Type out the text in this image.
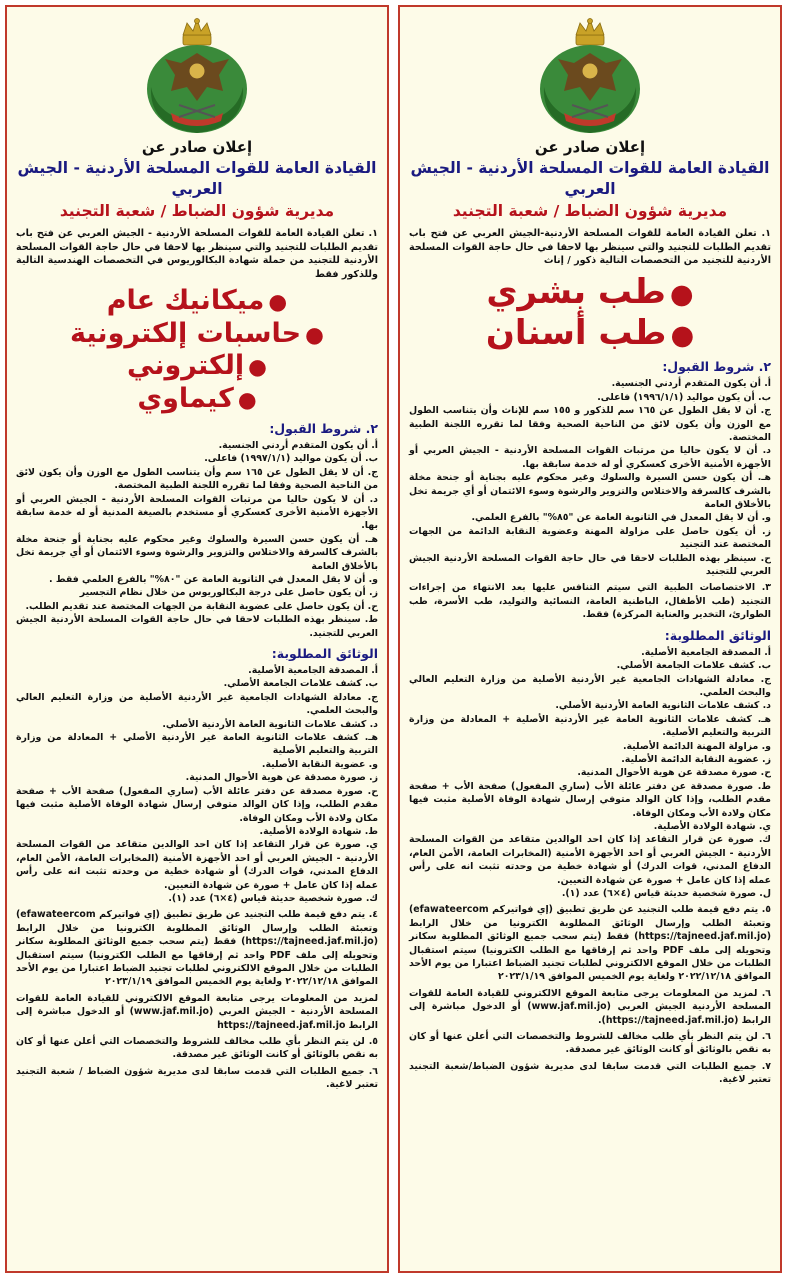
إعلان صادر عن
القيادة العامة للقوات المسلحة الأردنية - الجيش العربي
مديرية شؤون الضباط / شعبة التجنيد

١. تعلن القيادة العامة للقوات المسلحة الأردنية-الجيش العربي عن فتح باب تقديم الطلبات للتجنيد والتي سينظر بها لاحقا في حال حاجة القوات المسلحة الأردنية للتجنيد من التخصصات التالية ذكور / إناث

●طب بشري
●طب أسنان
٢. شروط القبول:
أ. أن يكون المتقدم أردني الجنسية.
ب. أن يكون مواليد (١٩٩٦/١/١) فاعلى.
ج. أن لا يقل الطول عن ١٦٥ سم للذكور و ١٥٥ سم للإناث وأن يتناسب الطول مع الوزن وأن يكون لائق من الناحية الصحية وفقا لما تقرره اللجنة الطبية المختصة.
د. أن لا يكون حاليا من مرتبات القوات المسلحة الأردنية - الجيش العربي أو الأجهزة الأمنية الأخرى كعسكري أو له خدمة سابقة بها.
هـ. أن يكون حسن السيرة والسلوك وغير محكوم عليه بجناية أو جنحة مخلة بالشرف كالسرقة والاختلاس والتزوير والرشوة وسوء الائتمان أو أي جريمة تخل بالأخلاق العامة
و. أن لا يقل المعدل في الثانوية العامة عن "٨٥%" بالفرع العلمي.
ز. أن يكون حاصل على مزاولة المهنة وعضوية النقابة الدائمة من الجهات المختصة عند التجنيد
ح. سينظر بهذه الطلبات لاحقا في حال حاجة القوات المسلحة الأردنية الجيش العربي للتجنيد
٣. الاختصاصات الطبية التي سيتم التنافس عليها بعد الانتهاء من إجراءات التجنيد (طب الأطفال، الباطنية العامة، النسائية والتوليد، طب الأسرة، طب الطوارئ، التخدير والعناية المركزة) فقط.
الوثائق المطلوبة:
أ. المصدقة الجامعية الأصلية.
ب. كشف علامات الجامعة الأصلي.
ج. معادلة الشهادات الجامعية غير الأردنية الأصلية من وزارة التعليم العالي والبحث العلمي.
د. كشف علامات الثانوية العامة الأردنية الأصلي.
هـ. كشف علامات الثانوية العامة غير الأردنية الأصلية + المعادلة من وزارة التربية والتعليم الأصلية.
و. مزاولة المهنة الدائمة الأصلية.
ز. عضوية النقابة الدائمة الأصلية.
ح. صورة مصدقة عن هوية الأحوال المدنية.
ط. صورة مصدقة عن دفتر عائلة الأب (ساري المفعول) صفحة الأب + صفحة مقدم الطلب، وإذا كان الوالد متوفي إرسال شهادة الوفاة الأصلية مثبت فيها مكان ولادة الأب ومكان الوفاة.
ي. شهادة الولادة الأصلية.
ك. صورة عن قرار التقاعد إذا كان احد الوالدين متقاعد من القوات المسلحة الأردنية - الجيش العربي أو احد الأجهزة الأمنية (المخابرات العامة، الأمن العام، الدفاع المدني، قوات الدرك) أو شهادة خطية من وحدته تثبت انه على رأس عمله إذا كان عامل + صورة عن شهادة التعيين.
ل. صورة شخصية حديثة قياس (٤×٦) عدد (١).
٥. يتم دفع قيمة طلب التجنيد عن طريق تطبيق (إي فواتيركم efawateercom) وتعبئة الطلب وإرسال الوثائق المطلوبة الكترونيا من خلال الرابط (https://tajneed.jaf.mil.jo) فقط (يتم سحب جميع الوثائق المطلوبة سكانر وتحويله إلى ملف PDF واحد ثم إرفاقها مع الطلب الكترونيا) سيتم استقبال الطلبات من خلال الموقع الالكتروني لطلبات تجنيد الضباط اعتبارا من يوم الأحد الموافق ٢٠٢٢/١٢/١٨ ولغاية يوم الخميس الموافق ٢٠٢٣/١/١٩
٦. لمزيد من المعلومات يرجى متابعة الموقع الالكتروني للقيادة العامة للقوات المسلحة الأردنية الجيش العربي (www.jaf.mil.jo) أو الدخول مباشرة إلى الرابط (https://tajneed.jaf.mil.jo).
٦. لن يتم النظر بأي طلب مخالف للشروط والتخصصات التي أعلن عنها أو كان به نقص بالوثائق أو كانت الوثائق غير مصدقة.
٧. جميع الطلبات التي قدمت سابقا لدى مديرية شؤون الضباط/شعبة التجنيد تعتبر لاغية.
إعلان صادر عن
القيادة العامة للقوات المسلحة الأردنية - الجيش العربي
مديرية شؤون الضباط / شعبة التجنيد

١. تعلن القيادة العامة للقوات المسلحة الأردنية - الجيش العربي عن فتح باب تقديم الطلبات للتجنيد والتي سينظر بها لاحقا في حال حاجة القوات المسلحة الأردنية للتجنيد من حملة شهادة البكالوريوس في التخصصات الهندسية التالية وللذكور فقط

●ميكانيك عام
●حاسبات إلكترونية
●إلكتروني
●كيماوي
٢. شروط القبول:
أ. أن يكون المتقدم أردني الجنسية.
ب. أن يكون مواليد (١٩٩٧/١/١) فاعلى.
ج. أن لا يقل الطول عن ١٦٥ سم وأن يتناسب الطول مع الوزن وأن يكون لائق من الناحية الصحية وفقا لما تقرره اللجنة الطبية المختصة.
د. أن لا يكون حاليا من مرتبات القوات المسلحة الأردنية - الجيش العربي أو الأجهزة الأمنية الأخرى كعسكري أو مستخدم بالصيغة المدنية أو له خدمة سابقة بها.
هـ. أن يكون حسن السيرة والسلوك وغير محكوم عليه بجناية أو جنحة مخلة بالشرف كالسرقة والاختلاس والتزوير والرشوة وسوء الائتمان أو أي جريمة تخل بالأخلاق العامة
و. أن لا يقل المعدل في الثانوية العامة عن "٨٠%" بالفرع العلمي فقط .
ز. أن يكون حاصل على درجة البكالوريوس من خلال نظام التجسير
ح. أن يكون حاصل على عضوية النقابة من الجهات المختصة عند تقديم الطلب.
ط. سينظر بهذه الطلبات لاحقا في حال حاجة القوات المسلحة الأردنية الجيش العربي للتجنيد.
الوثائق المطلوبة:
أ. المصدقة الجامعية الأصلية.
ب. كشف علامات الجامعة الأصلي.
ج. معادلة الشهادات الجامعية غير الأردنية الأصلية من وزارة التعليم العالي والبحث العلمي.
د. كشف علامات الثانوية العامة الأردنية الأصلي.
هـ. كشف علامات الثانوية العامة غير الأردنية الأصلي + المعادلة من وزارة التربية والتعليم الأصلية
و. عضوية النقابة الأصلية.
ز. صورة مصدقة عن هوية الأحوال المدنية.
ح. صورة مصدقة عن دفتر عائلة الأب (ساري المفعول) صفحة الأب + صفحة مقدم الطلب، وإذا كان الوالد متوفي إرسال شهادة الوفاة الأصلية مثبت فيها مكان ولادة الأب ومكان الوفاة.
ط. شهادة الولادة الأصلية.
ي. صورة عن قرار التقاعد إذا كان احد الوالدين متقاعد من القوات المسلحة الأردنية - الجيش العربي أو احد الأجهزة الأمنية (المخابرات العامة، الأمن العام، الدفاع المدني، قوات الدرك) أو شهادة خطية من وحدته تثبت انه على رأس عمله إذا كان عامل + صورة عن شهادة التعيين.
ك. صورة شخصية حديثة قياس (٤×٦) عدد (١).
٤. يتم دفع قيمة طلب التجنيد عن طريق تطبيق (إي فواتيركم efawateercom) وتعبئة الطلب وإرسال الوثائق المطلوبة الكترونيا من خلال الرابط (https://tajneed.jaf.mil.jo) فقط (يتم سحب جميع الوثائق المطلوبة سكانر وتحويله إلى ملف PDF واحد ثم إرفاقها مع الطلب الكترونيا) سيتم استقبال الطلبات من خلال الموقع الالكتروني لطلبات تجنيد الضباط اعتبارا من يوم الأحد الموافق ٢٠٢٢/١٢/١٨ ولغاية يوم الخميس الموافق ٢٠٢٣/١/١٩
لمزيد من المعلومات يرجى متابعة الموقع الالكتروني للقيادة العامة للقوات المسلحة الأردنية - الجيش العربي (www.jaf.mil.jo) أو الدخول مباشرة إلى الرابط https://tajneed.jaf.mil.jo
٥. لن يتم النظر بأي طلب مخالف للشروط والتخصصات التي أعلن عنها أو كان به نقص بالوثائق أو كانت الوثائق غير مصدقة.
٦. جميع الطلبات التي قدمت سابقا لدى مديرية شؤون الضباط / شعبة التجنيد تعتبر لاغية.
